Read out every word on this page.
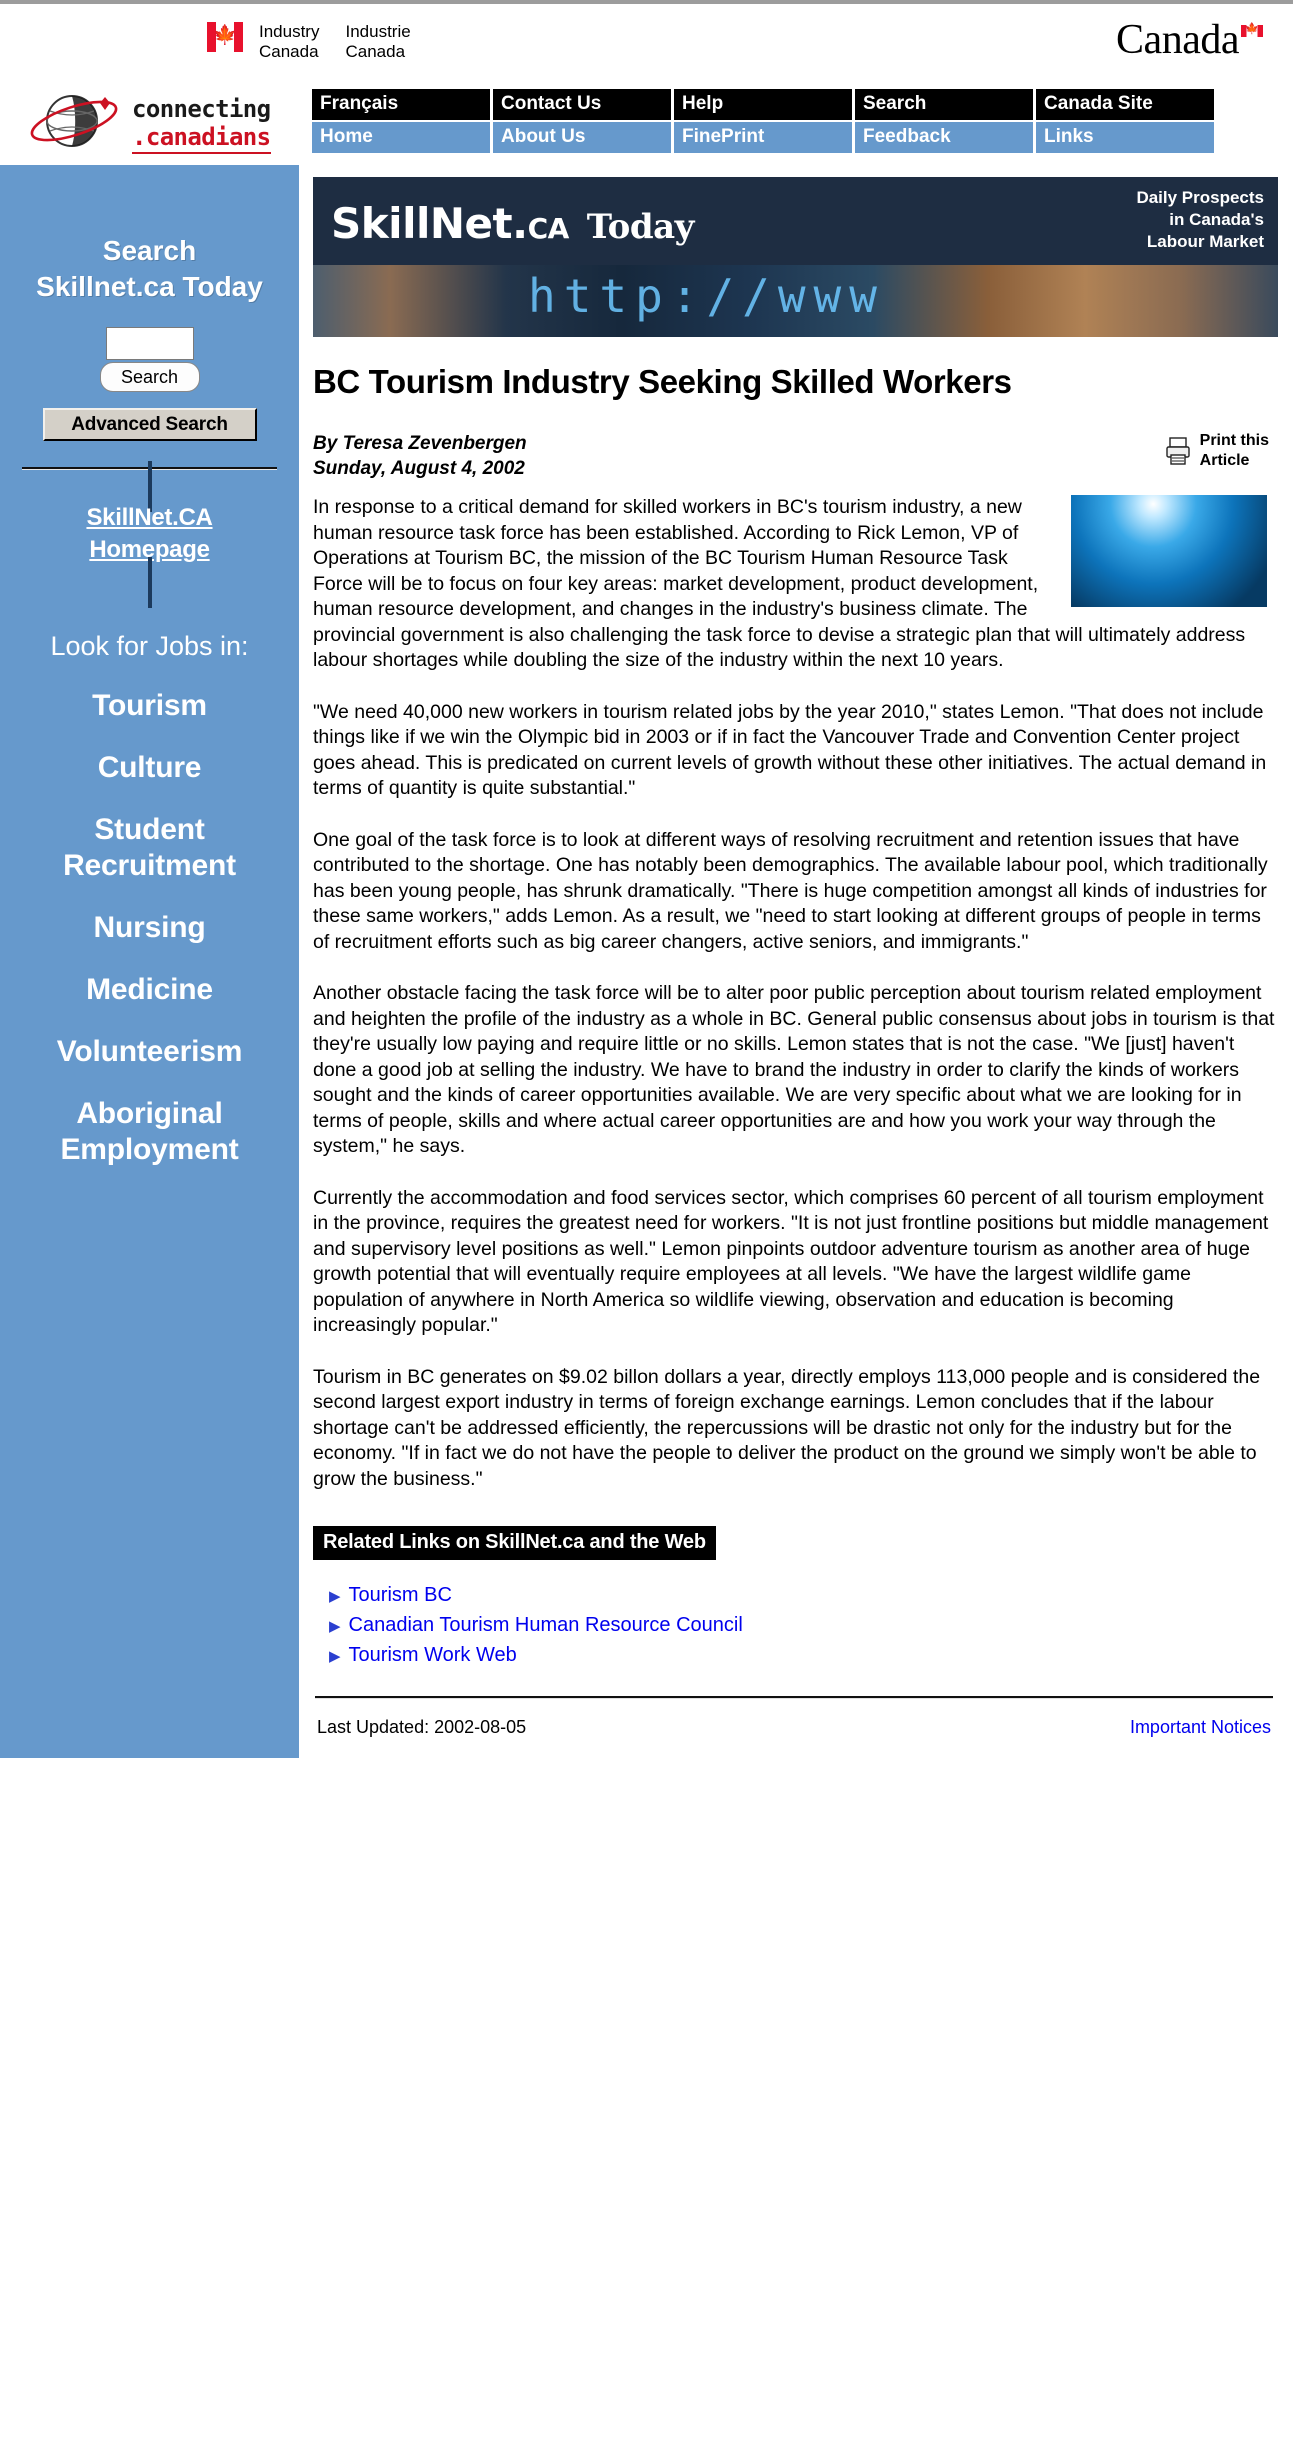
🍁	Industry
Canada
Industrie
Canada	Canada 🍁
connecting
.canadians
Français	Contact Us	Help	Search	Canada Site
Home	About Us	FinePrint	Feedback	Links
Search
Skillnet.ca Today
Search
Advanced Search
SkillNet.CA
Homepage
Look for Jobs in:
Tourism
Culture
Student Recruitment
Nursing
Medicine
Volunteerism
Aboriginal Employment
http://www
SkillNet.CA Today
Daily Prospects
in Canada's
Labour Market
BC Tourism Industry Seeking Skilled Workers
By Teresa Zevenbergen
Sunday, August 4, 2002
Print this
Article

In response to a critical demand for skilled workers in BC's tourism industry, a new human resource task force has been established. According to Rick Lemon, VP of Operations at Tourism BC, the mission of the BC Tourism Human Resource Task Force will be to focus on four key areas: market development, product development, human resource development, and changes in the industry's business climate. The provincial government is also challenging the task force to devise a strategic plan that will ultimately address labour shortages while doubling the size of the industry within the next 10 years.

"We need 40,000 new workers in tourism related jobs by the year 2010," states Lemon. "That does not include things like if we win the Olympic bid in 2003 or if in fact the Vancouver Trade and Convention Center project goes ahead. This is predicated on current levels of growth without these other initiatives. The actual demand in terms of quantity is quite substantial."

One goal of the task force is to look at different ways of resolving recruitment and retention issues that have contributed to the shortage. One has notably been demographics. The available labour pool, which traditionally has been young people, has shrunk dramatically. "There is huge competition amongst all kinds of industries for these same workers," adds Lemon. As a result, we "need to start looking at different groups of people in terms of recruitment efforts such as big career changers, active seniors, and immigrants."

Another obstacle facing the task force will be to alter poor public perception about tourism related employment and heighten the profile of the industry as a whole in BC. General public consensus about jobs in tourism is that they're usually low paying and require little or no skills. Lemon states that is not the case. "We [just] haven't done a good job at selling the industry. We have to brand the industry in order to clarify the kinds of workers sought and the kinds of career opportunities available. We are very specific about what we are looking for in terms of people, skills and where actual career opportunities are and how you work your way through the system," he says.

Currently the accommodation and food services sector, which comprises 60 percent of all tourism employment in the province, requires the greatest need for workers. "It is not just frontline positions but middle management and supervisory level positions as well." Lemon pinpoints outdoor adventure tourism as another area of huge growth potential that will eventually require employees at all levels. "We have the largest wildlife game population of anywhere in North America so wildlife viewing, observation and education is becoming increasingly popular."

Tourism in BC generates on $9.02 billon dollars a year, directly employs 113,000 people and is considered the second largest export industry in terms of foreign exchange earnings. Lemon concludes that if the labour shortage can't be addressed efficiently, the repercussions will be drastic not only for the industry but for the economy. "If in fact we do not have the people to deliver the product on the ground we simply won't be able to grow the business."

Related Links on SkillNet.ca and the Web
▶ Tourism BC
▶ Canadian Tourism Human Resource Council
▶ Tourism Work Web
Last Updated: 2002-08-05	Important Notices
